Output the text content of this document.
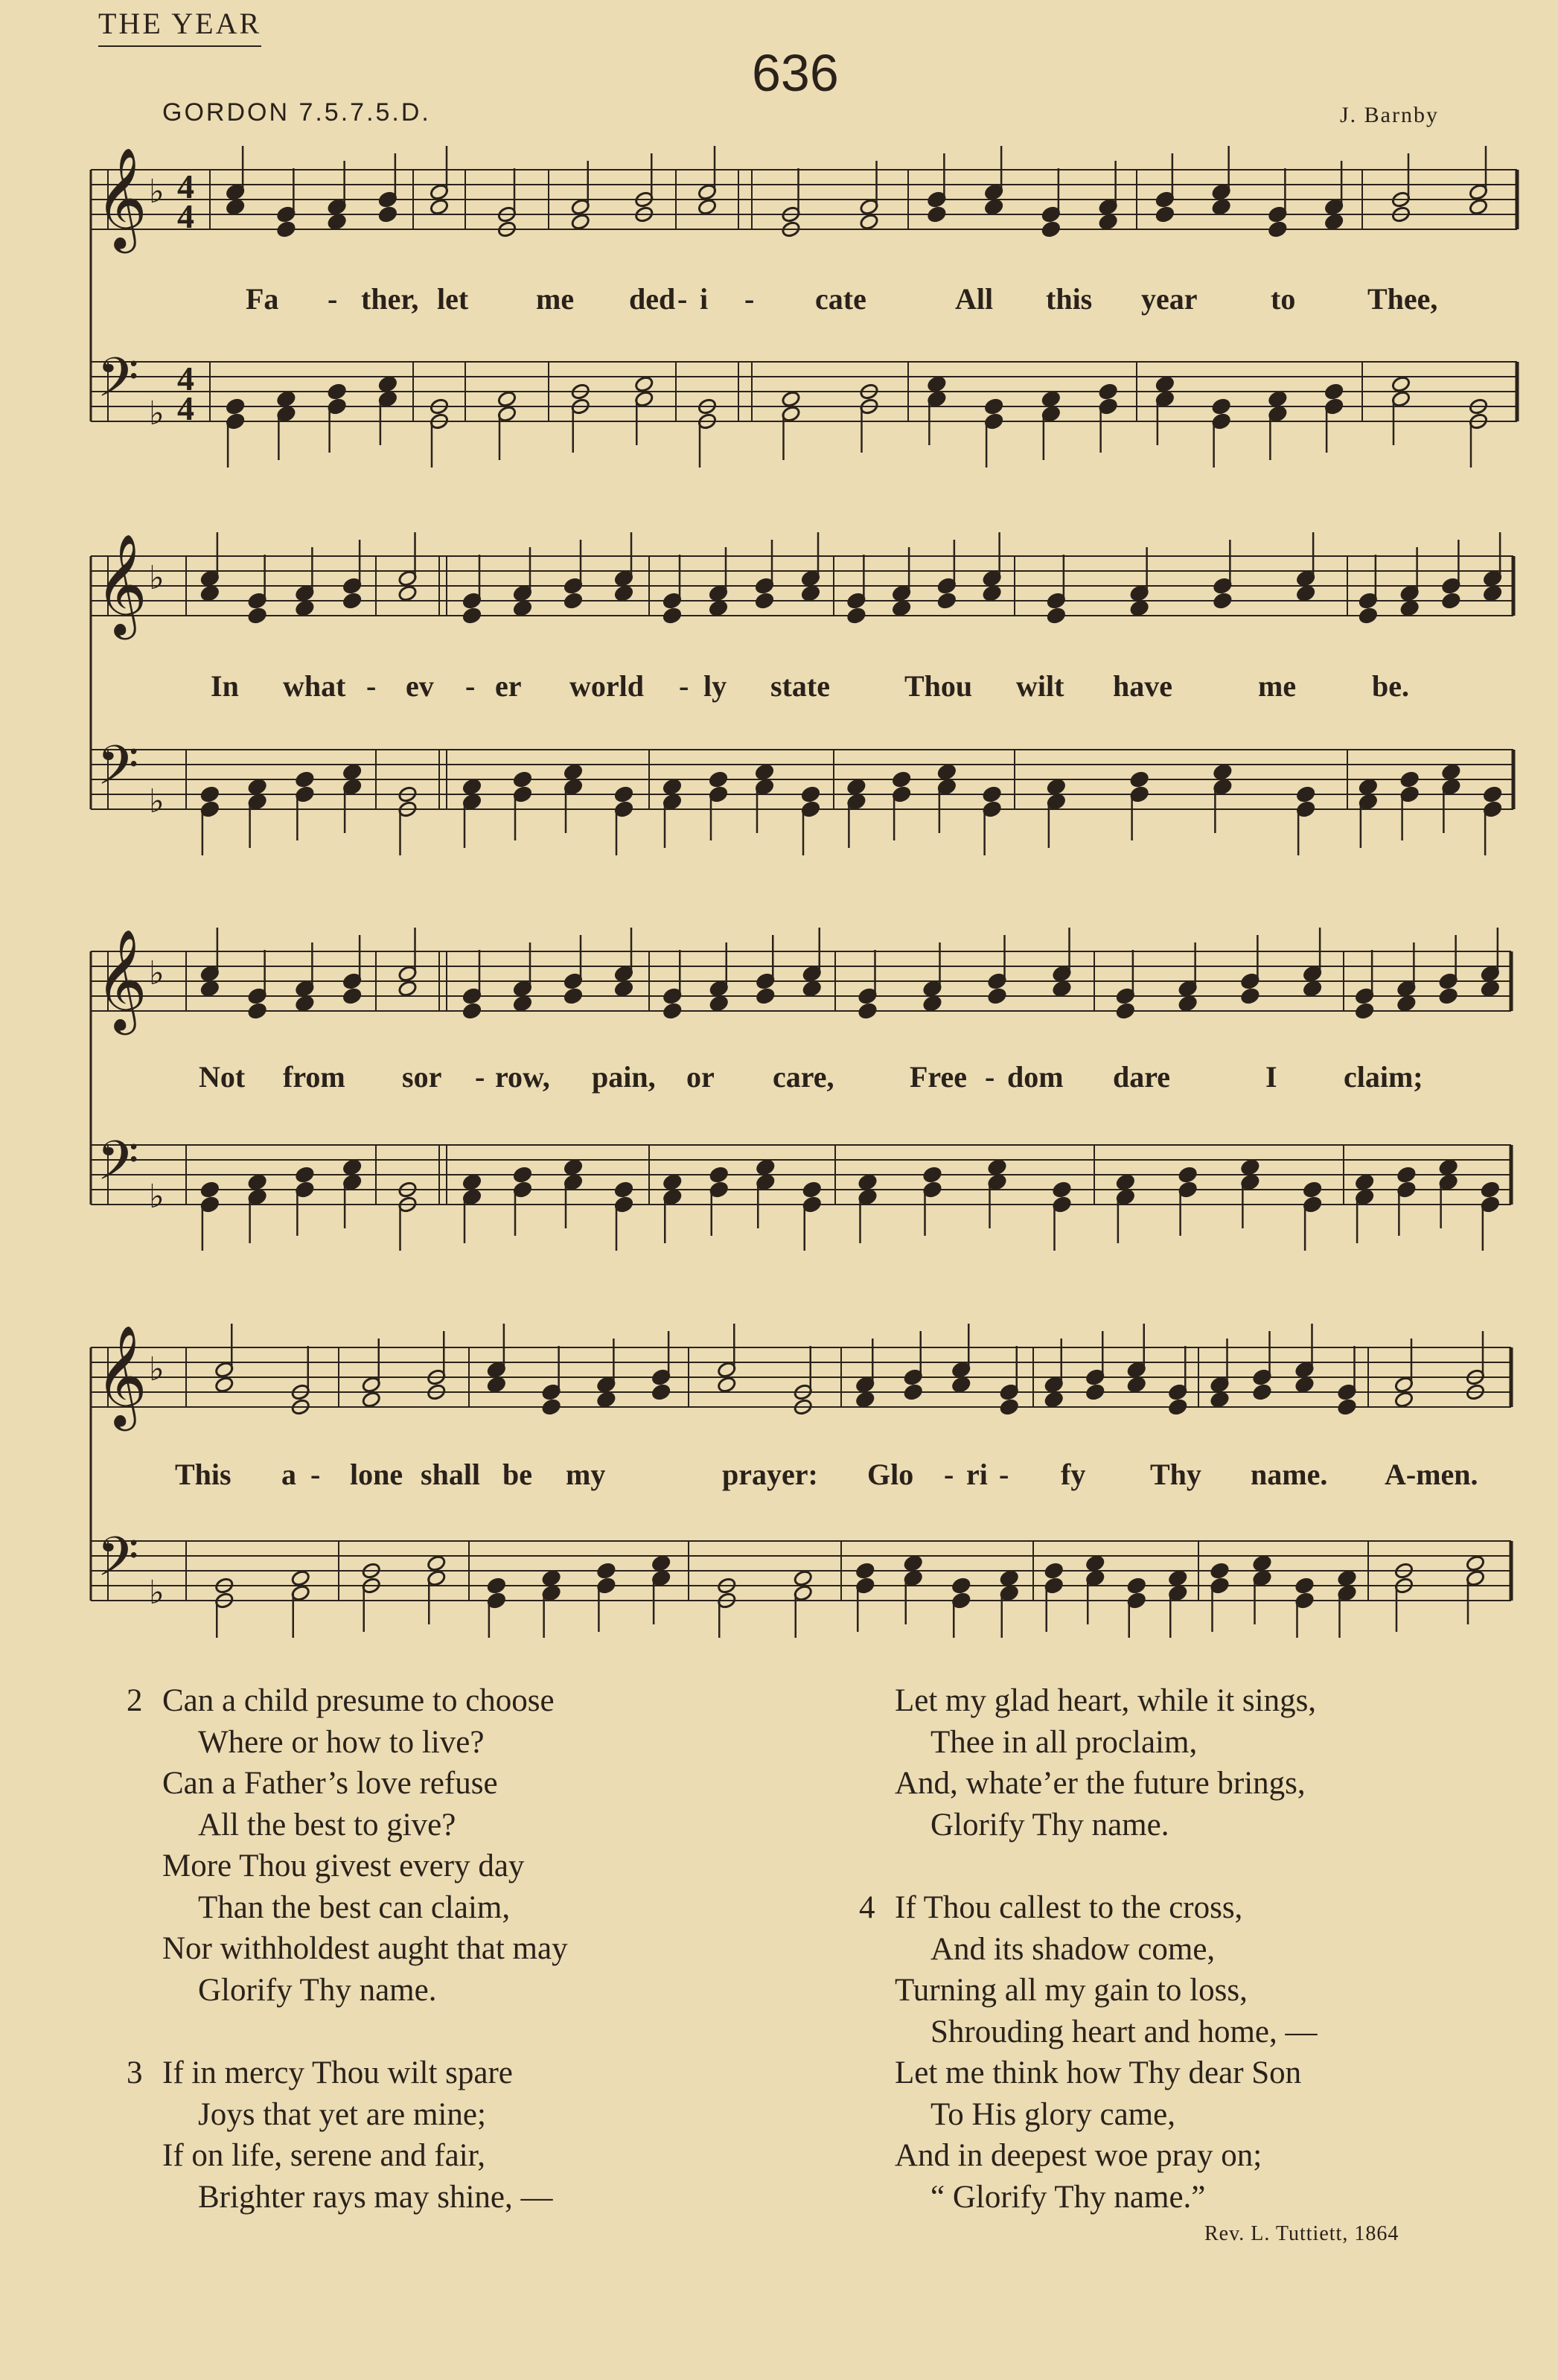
THE YEAR
636
GORDON 7.5.7.5.D.	J. Barnby
𝄞 ♭ 4
4
𝄢 ♭
4
4
𝄞 ♭
𝄢 ♭
𝄞 ♭
𝄢 ♭
𝄞 ♭
𝄢 ♭
Fa - ther, let me ded - i - cate	All this year to Thee,
In what - ev - er world - ly state	Thou wilt have	me	be.
Not from sor - row, pain, or care,	Free - dom dare	I claim;
This a - lone shall be my	prayer: Glo - ri - fy Thy name. A-men.
2 Can a child presume to choose
Where or how to live?
Can a Father’s love refuse
All the best to give?
More Thou givest every day
Than the best can claim,
Nor withholdest aught that may
Glorify Thy name.
3 If in mercy Thou wilt spare
Joys that yet are mine;
If on life, serene and fair,
Brighter rays may shine, —
Let my glad heart, while it sings,
Thee in all proclaim,
And, whate’er the future brings,
Glorify Thy name.
4 If Thou callest to the cross,
And its shadow come,
Turning all my gain to loss,
Shrouding heart and home, —
Let me think how Thy dear Son
To His glory came,
And in deepest woe pray on;
“ Glorify Thy name.”
Rev. L. Tuttiett, 1864
